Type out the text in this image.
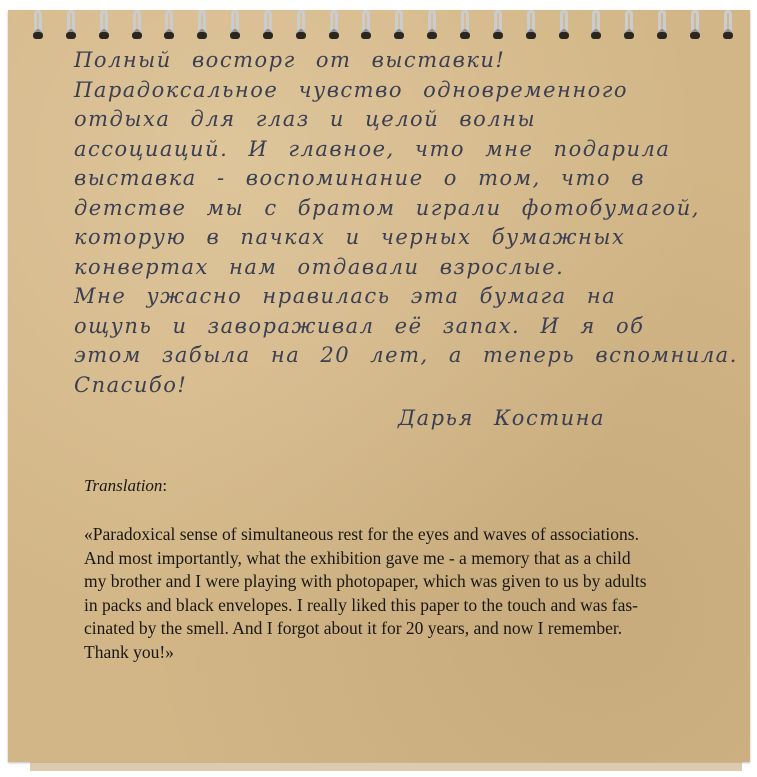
Полный восторг от выставки!
Парадоксальное чувство одновременного
отдыха для глаз и целой волны
ассоциаций. И главное, что мне подарила
выставка - воспоминание о том, что в
детстве мы с братом играли фотобумагой,
которую в пачках и черных бумажных
конвертах нам отдавали взрослые.
Мне ужасно нравилась эта бумага на
ощупь и завораживал её запах. И я об
этом забыла на 20 лет, а теперь вспомнила.
Спасибо!
Дарья Костина
Translation:
«Paradoxical sense of simultaneous rest for the eyes and waves of associations.
And most importantly, what the exhibition gave me - a memory that as a child
my brother and I were playing with photopaper, which was given to us by adults
in packs and black envelopes. I really liked this paper to the touch and was fas-
cinated by the smell. And I forgot about it for 20 years, and now I remember.
Thank you!»
